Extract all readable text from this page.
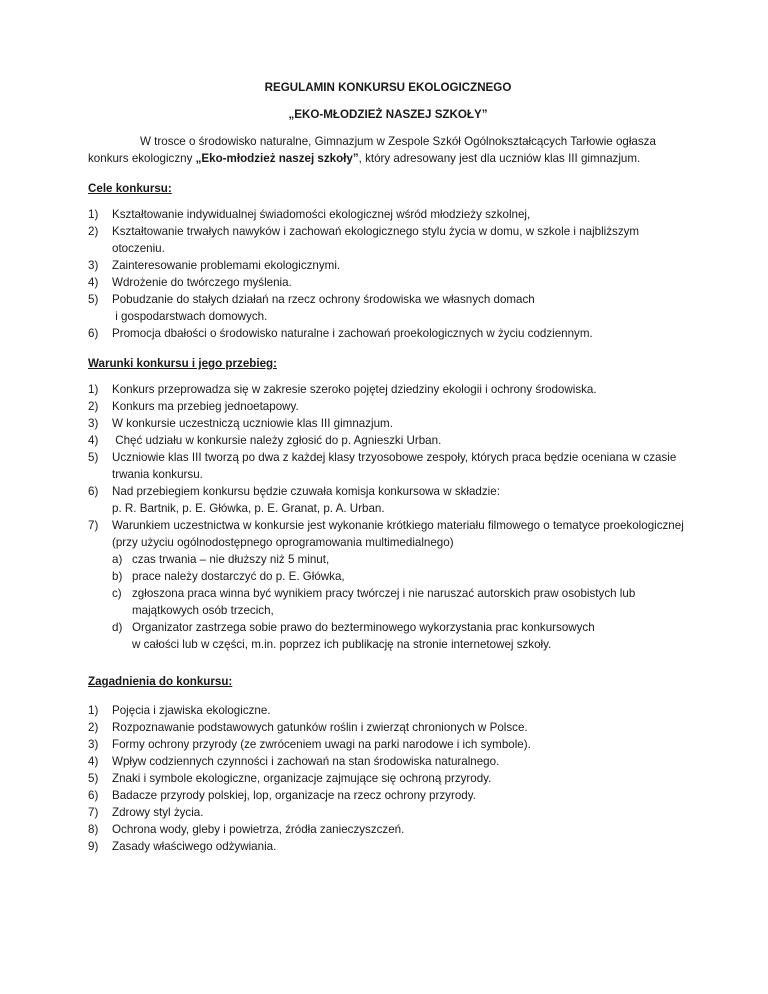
REGULAMIN KONKURSU EKOLOGICZNEGO
„EKO-MŁODZIEŻ NASZEJ SZKOŁY”
W trosce o środowisko naturalne, Gimnazjum w Zespole Szkół Ogólnokształcących Tarłowie ogłasza konkurs ekologiczny „Eko-młodzież naszej szkoły”, który adresowany jest dla uczniów klas III gimnazjum.
Cele konkursu:
1) Kształtowanie indywidualnej świadomości ekologicznej wśród młodzieży szkolnej,
2) Kształtowanie trwałych nawyków i zachowań ekologicznego stylu życia w domu, w szkole i najbliższym otoczeniu.
3) Zainteresowanie problemami ekologicznymi.
4) Wdrożenie do twórczego myślenia.
5) Pobudzanie do stałych działań na rzecz ochrony środowiska we własnych domach
i gospodarstwach domowych.
6) Promocja dbałości o środowisko naturalne i zachowań proekologicznych w życiu codziennym.
Warunki konkursu i jego przebieg:
1) Konkurs przeprowadza się w zakresie szeroko pojętej dziedziny ekologii i ochrony środowiska.
2) Konkurs ma przebieg jednoetapowy.
3) W konkursie uczestniczą uczniowie klas III gimnazjum.
4) Chęć udziału w konkursie należy zgłosić do p. Agnieszki Urban.
5) Uczniowie klas III tworzą po dwa z każdej klasy trzyosobowe zespoły, których praca będzie oceniana w czasie trwania konkursu.
6) Nad przebiegiem konkursu będzie czuwała komisja konkursowa w składzie:
p. R. Bartnik, p. E. Główka, p. E. Granat, p. A. Urban.
7) Warunkiem uczestnictwa w konkursie jest wykonanie krótkiego materiału filmowego o tematyce proekologicznej (przy użyciu ogólnodostępnego oprogramowania multimedialnego)
a) czas trwania – nie dłuższy niż 5 minut,
b) prace należy dostarczyć do p. E. Główka,
c) zgłoszona praca winna być wynikiem pracy twórczej i nie naruszać autorskich praw osobistych lub majątkowych osób trzecich,
d) Organizator zastrzega sobie prawo do bezterminowego wykorzystania prac konkursowych
w całości lub w części, m.in. poprzez ich publikację na stronie internetowej szkoły.
Zagadnienia do konkursu:
1) Pojęcia i zjawiska ekologiczne.
2) Rozpoznawanie podstawowych gatunków roślin i zwierząt chronionych w Polsce.
3) Formy ochrony przyrody (ze zwróceniem uwagi na parki narodowe i ich symbole).
4) Wpływ codziennych czynności i zachowań na stan środowiska naturalnego.
5) Znaki i symbole ekologiczne, organizacje zajmujące się ochroną przyrody.
6) Badacze przyrody polskiej, lop, organizacje na rzecz ochrony przyrody.
7) Zdrowy styl życia.
8) Ochrona wody, gleby i powietrza, źródła zanieczyszczeń.
9) Zasady właściwego odżywiania.
